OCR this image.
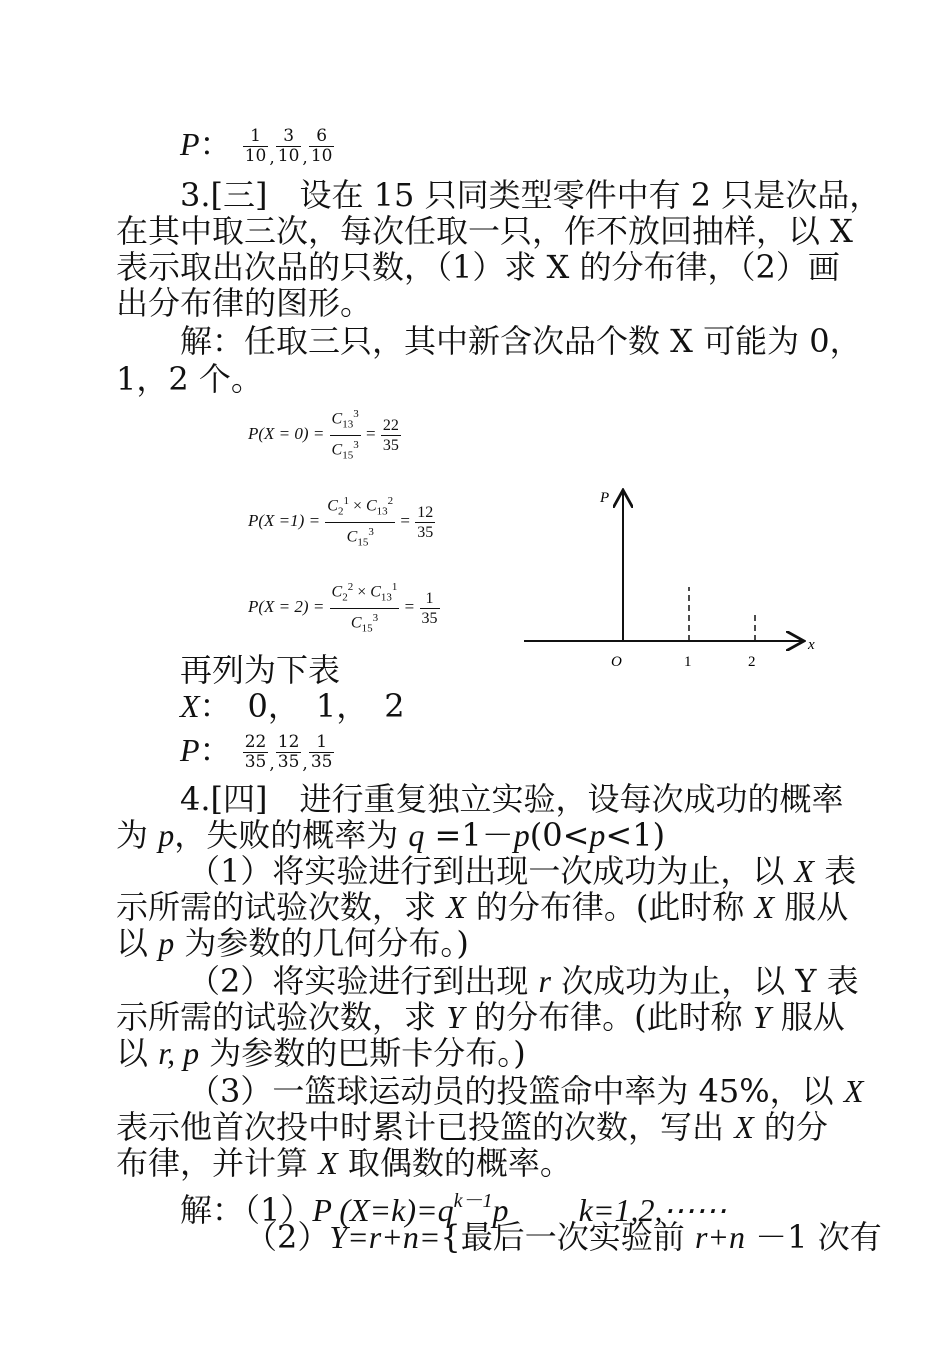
P： $\frac{1}{10} _, \frac{3}{10} _, \frac{6}{10}$
3.[三]　设在 15 只同类型零件中有 2 只是次品，
在其中取三次，每次任取一只，作不放回抽样，以 X
表示取出次品的只数，（1）求 X 的分布律，（2）画
出分布律的图形。
解：任取三只，其中新含次品个数 X 可能为 0，
1，2 个。
$P(X = 0) = \frac{C_{13}^3}{C_{15}^3} = \frac{22}{35}$
$P(X =1) = \frac{C_2^1 \times C_{13}^2}{C_{15}^3} = \frac{12}{35}$
$P(X = 2) = \frac{C_2^2 \times C_{13}^1}{C_{15}^3} = \frac{1}{35}$
P
x
O	1	2
再列为下表
X：　0，　1，　2
P： $\frac{22}{35} _, \frac{12}{35} _, \frac{1}{35}$
4.[四]　进行重复独立实验，设每次成功的概率
为 p，失败的概率为 q =1－p(0<p<1)
（1）将实验进行到出现一次成功为止，以 X 表
示所需的试验次数，求 X 的分布律。(此时称 X 服从
以 p 为参数的几何分布。)
（2）将实验进行到出现 r 次成功为止，以 Y 表
示所需的试验次数，求 Y 的分布律。(此时称 Y 服从
以 r, p 为参数的巴斯卡分布。)
（3）一篮球运动员的投篮命中率为 45%，以 X
表示他首次投中时累计已投篮的次数，写出 X 的分
布律，并计算 X 取偶数的概率。
解：（1）P $(X=k)=q^{k-1}p$ k=1,2,⋯⋯
（2）Y=r+n={最后一次实验前 r+n －1 次有
